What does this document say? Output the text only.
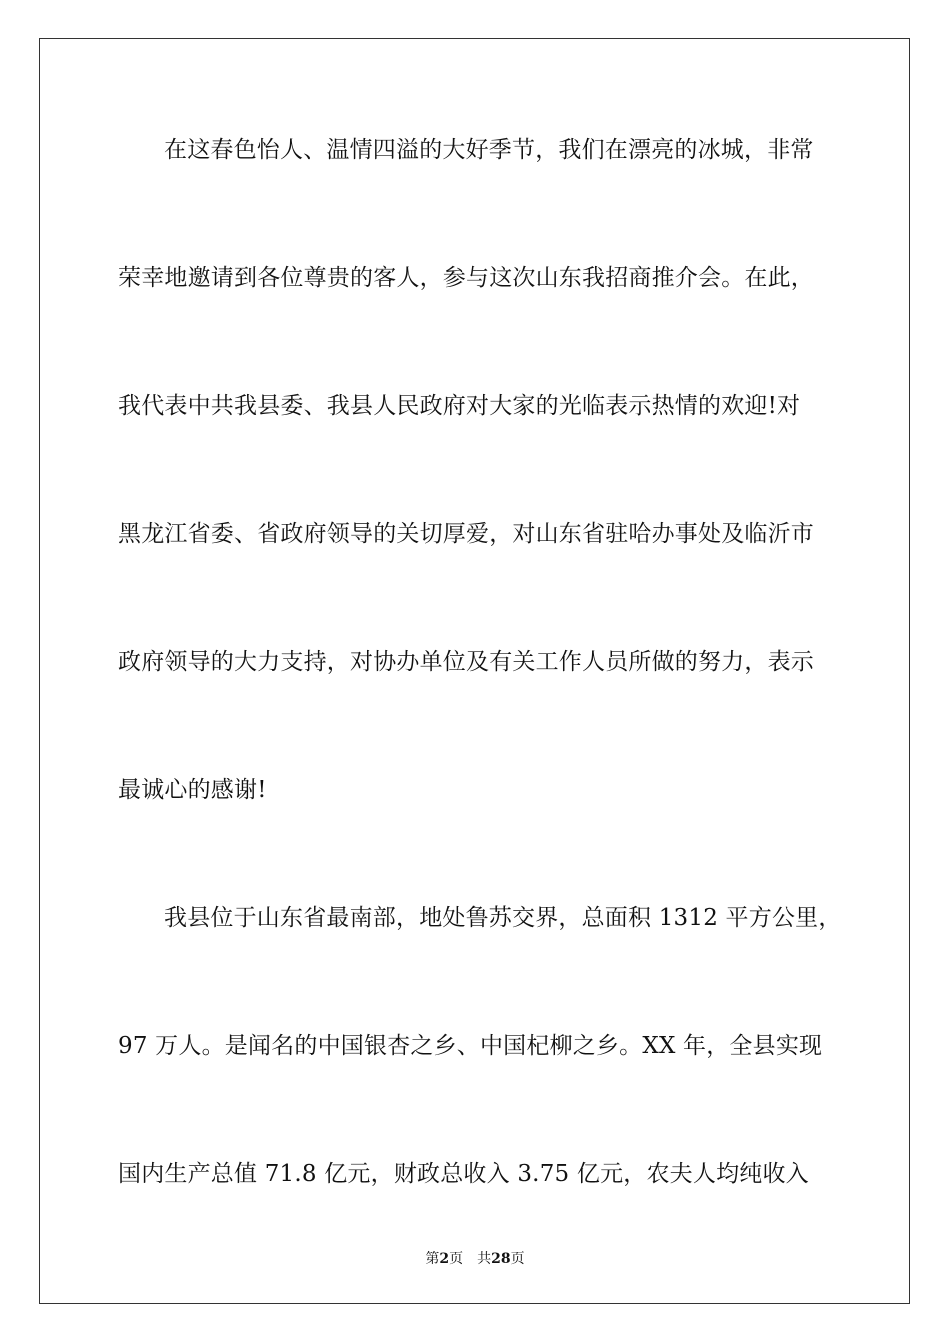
在这春色怡人、温情四溢的大好季节，我们在漂亮的冰城，非常
荣幸地邀请到各位尊贵的客人，参与这次山东我招商推介会。在此，
我代表中共我县委、我县人民政府对大家的光临表示热情的欢迎!对
黑龙江省委、省政府领导的关切厚爱，对山东省驻哈办事处及临沂市
政府领导的大力支持，对协办单位及有关工作人员所做的努力，表示
最诚心的感谢!
我县位于山东省最南部，地处鲁苏交界，总面积 1312 平方公里，
97 万人。是闻名的中国银杏之乡、中国杞柳之乡。XX 年，全县实现
国内生产总值 71.8 亿元，财政总收入 3.75 亿元，农夫人均纯收入
第2页 共28页
